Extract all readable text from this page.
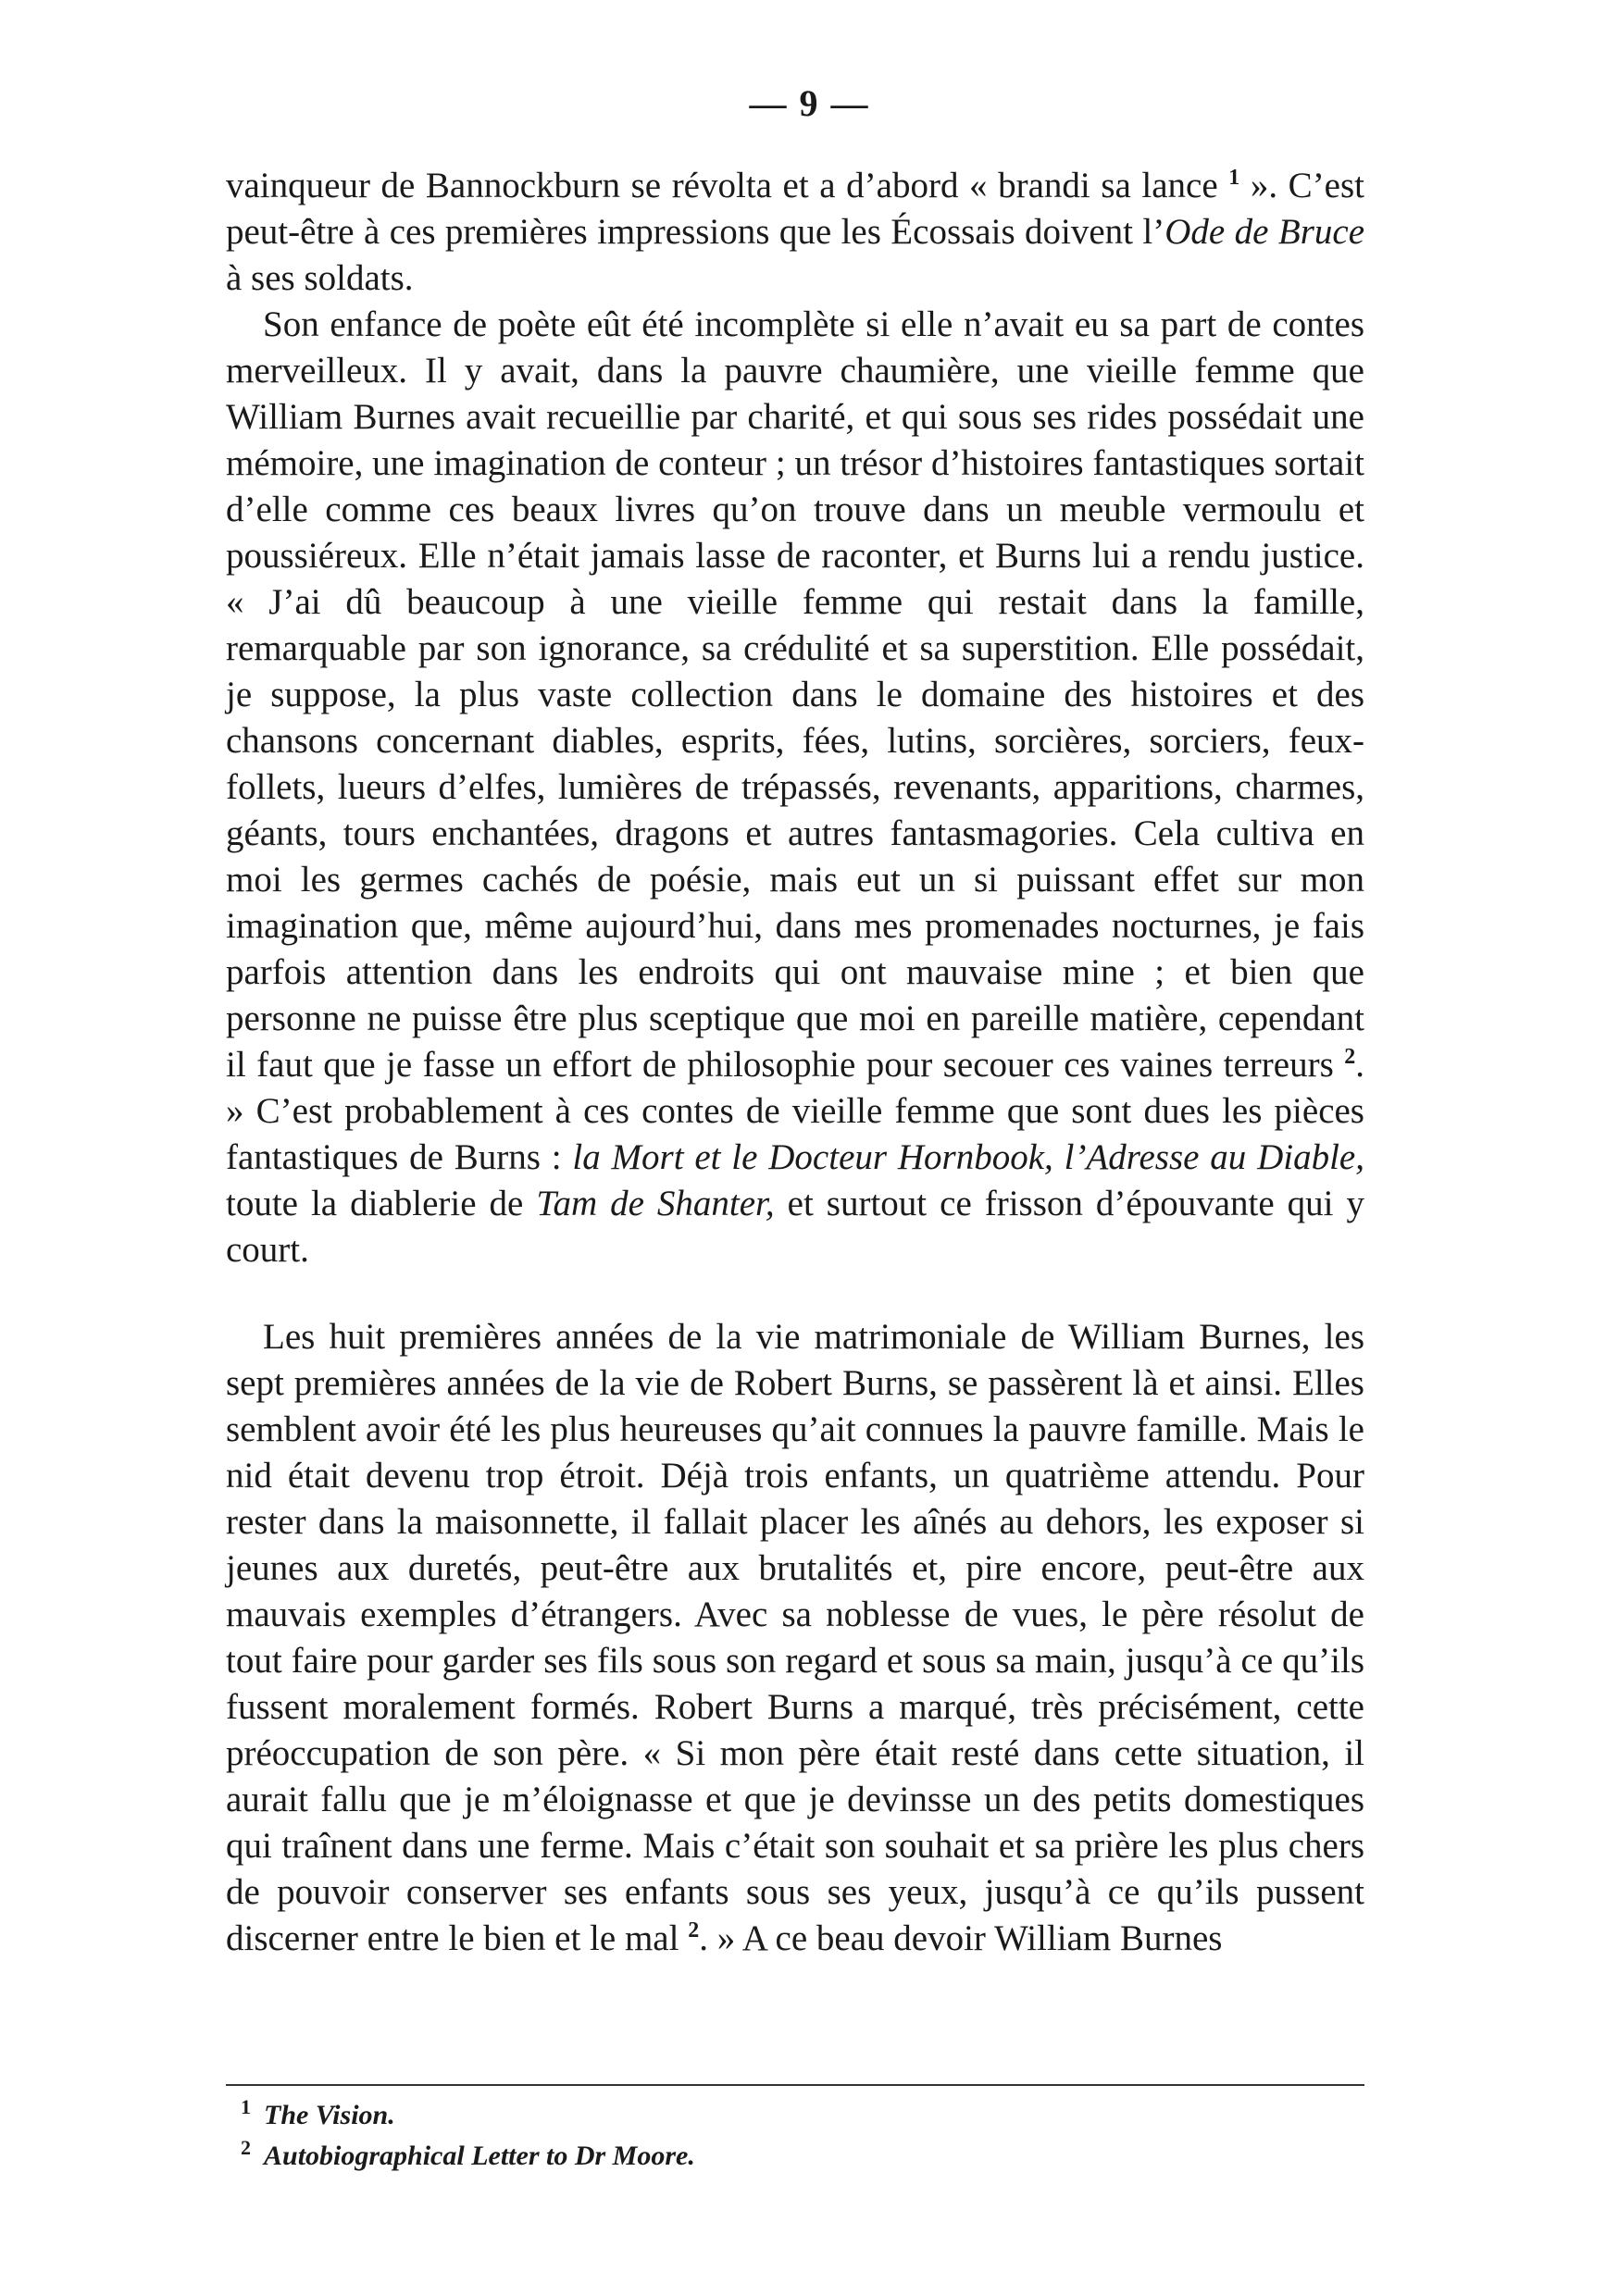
— 9 —

vainqueur de Bannockburn se révolta et a d’abord « brandi sa lance $^1$ ». C’est peut-être à ces premières impressions que les Écossais doivent l’Ode de Bruce à ses soldats.

Son enfance de poète eût été incomplète si elle n’avait eu sa part de contes merveilleux. Il y avait, dans la pauvre chaumière, une vieille femme que William Burnes avait recueillie par charité, et qui sous ses rides possédait une mémoire, une imagination de conteur ; un trésor d’histoires fantastiques sortait d’elle comme ces beaux livres qu’on trouve dans un meuble vermoulu et poussiéreux. Elle n’était jamais lasse de raconter, et Burns lui a rendu justice. « J’ai dû beaucoup à une vieille femme qui restait dans la famille, remarquable par son ignorance, sa crédulité et sa superstition. Elle possédait, je suppose, la plus vaste collection dans le domaine des histoires et des chansons concernant diables, esprits, fées, lutins, sorcières, sorciers, feux-follets, lueurs d’elfes, lumières de trépassés, revenants, apparitions, charmes, géants, tours enchantées, dragons et autres fantasmagories. Cela cultiva en moi les germes cachés de poésie, mais eut un si puissant effet sur mon imagination que, même aujourd’hui, dans mes promenades nocturnes, je fais parfois attention dans les endroits qui ont mauvaise mine ; et bien que personne ne puisse être plus sceptique que moi en pareille matière, cependant il faut que je fasse un effort de philosophie pour secouer ces vaines terreurs $^2$. » C’est probablement à ces contes de vieille femme que sont dues les pièces fantastiques de Burns : la Mort et le Docteur Hornbook, l’Adresse au Diable, toute la diablerie de Tam de Shanter, et surtout ce frisson d’épouvante qui y court.

Les huit premières années de la vie matrimoniale de William Burnes, les sept premières années de la vie de Robert Burns, se passèrent là et ainsi. Elles semblent avoir été les plus heureuses qu’ait connues la pauvre famille. Mais le nid était devenu trop étroit. Déjà trois enfants, un quatrième attendu. Pour rester dans la maisonnette, il fallait placer les aînés au dehors, les exposer si jeunes aux duretés, peut-être aux brutalités et, pire encore, peut-être aux mauvais exemples d’étrangers. Avec sa noblesse de vues, le père résolut de tout faire pour garder ses fils sous son regard et sous sa main, jusqu’à ce qu’ils fussent moralement formés. Robert Burns a marqué, très précisément, cette préoccupation de son père. « Si mon père était resté dans cette situation, il aurait fallu que je m’éloignasse et que je devinsse un des petits domestiques qui traînent dans une ferme. Mais c’était son souhait et sa prière les plus chers de pouvoir conserver ses enfants sous ses yeux, jusqu’à ce qu’ils pussent discerner entre le bien et le mal $^2$. » A ce beau devoir William Burnes

$^1$ The Vision.

$^2$ Autobiographical Letter to Dr Moore.
